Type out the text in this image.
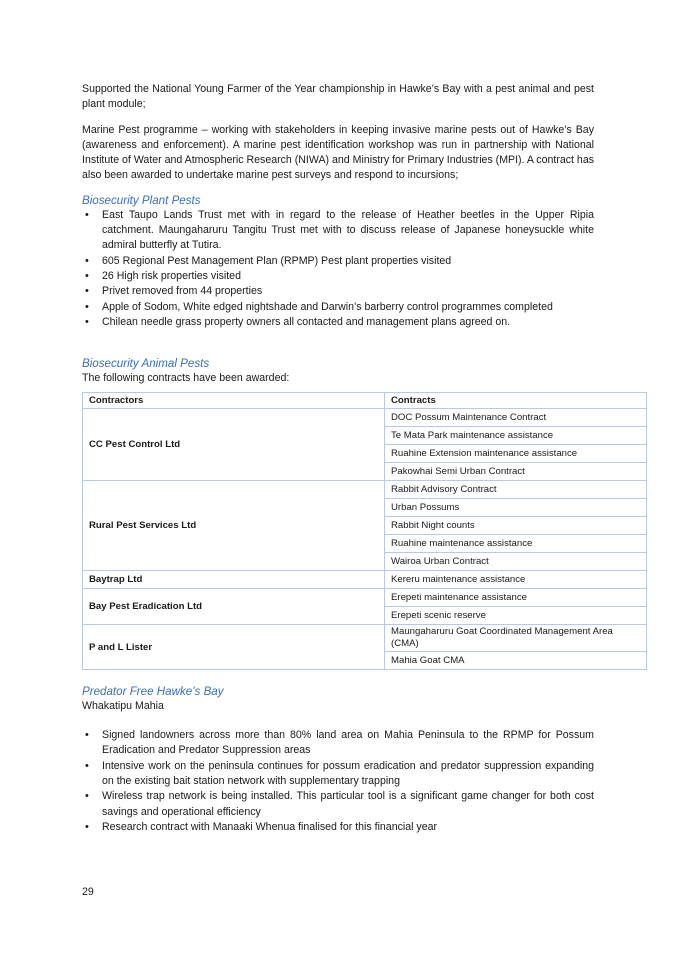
Supported the National Young Farmer of the Year championship in Hawke’s Bay with a pest animal and pest plant module;

Marine Pest programme – working with stakeholders in keeping invasive marine pests out of Hawke’s Bay (awareness and enforcement). A marine pest identification workshop was run in partnership with National Institute of Water and Atmospheric Research (NIWA) and Ministry for Primary Industries (MPI). A contract has also been awarded to undertake marine pest surveys and respond to incursions;

Biosecurity Plant Pests
• East Taupo Lands Trust met with in regard to the release of Heather beetles in the Upper Ripia catchment. Maungaharuru Tangitu Trust met with to discuss release of Japanese honeysuckle white admiral butterfly at Tutira.
• 605 Regional Pest Management Plan (RPMP) Pest plant properties visited
• 26 High risk properties visited
• Privet removed from 44 properties
• Apple of Sodom, White edged nightshade and Darwin’s barberry control programmes completed
• Chilean needle grass property owners all contacted and management plans agreed on.
Biosecurity Animal Pests

The following contracts have been awarded:

Contractors	Contracts
CC Pest Control Ltd	DOC Possum Maintenance Contract
	Te Mata Park maintenance assistance
	Ruahine Extension maintenance assistance
	Pakowhai Semi Urban Contract
Rural Pest Services Ltd	Rabbit Advisory Contract
	Urban Possums
	Rabbit Night counts
	Ruahine maintenance assistance
	Wairoa Urban Contract
Baytrap Ltd	Kereru maintenance assistance
Bay Pest Eradication Ltd	Erepeti maintenance assistance
	Erepeti scenic reserve
P and L Lister	Maungaharuru Goat Coordinated Management Area (CMA)
	Mahia Goat CMA
Predator Free Hawke’s Bay

Whakatipu Mahia

• Signed landowners across more than 80% land area on Mahia Peninsula to the RPMP for Possum Eradication and Predator Suppression areas
• Intensive work on the peninsula continues for possum eradication and predator suppression expanding on the existing bait station network with supplementary trapping
• Wireless trap network is being installed. This particular tool is a significant game changer for both cost savings and operational efficiency
• Research contract with Manaaki Whenua finalised for this financial year
29
